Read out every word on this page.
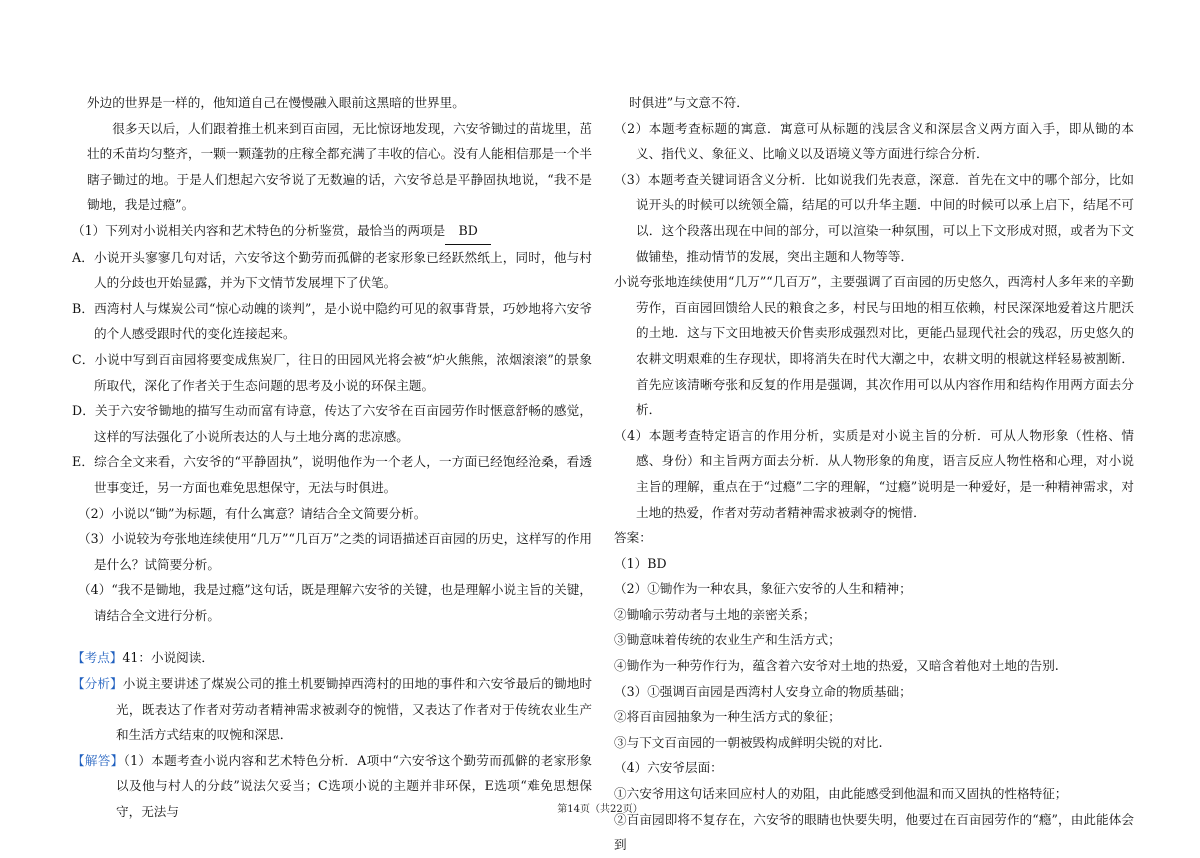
外边的世界是一样的，他知道自己在慢慢融入眼前这黑暗的世界里。

很多天以后，人们跟着推土机来到百亩园，无比惊讶地发现，六安爷锄过的苗垅里，茁壮的禾苗均匀整齐，一颗一颗蓬勃的庄稼全都充满了丰收的信心。没有人能相信那是一个半瞎子锄过的地。于是人们想起六安爷说了无数遍的话，六安爷总是平静固执地说，“我不是锄地，我是过瘾”。

（1）下列对小说相关内容和艺术特色的分析鉴赏，最恰当的两项是 BD

A．小说开头寥寥几句对话，六安爷这个勤劳而孤僻的老家形象已经跃然纸上，同时，他与村人的分歧也开始显露，并为下文情节发展埋下了伏笔。

B．西湾村人与煤炭公司“惊心动魄的谈判”，是小说中隐约可见的叙事背景，巧妙地将六安爷的个人感受跟时代的变化连接起来。

C．小说中写到百亩园将要变成焦炭厂，往日的田园风光将会被“炉火熊熊，浓烟滚滚”的景象所取代，深化了作者关于生态问题的思考及小说的环保主题。

D．关于六安爷锄地的描写生动而富有诗意，传达了六安爷在百亩园劳作时惬意舒畅的感觉，这样的写法强化了小说所表达的人与土地分离的悲凉感。

E．综合全文来看，六安爷的“平静固执”，说明他作为一个老人，一方面已经饱经沧桑，看透世事变迁，另一方面也难免思想保守，无法与时俱进。

（2）小说以“锄”为标题，有什么寓意？请结合全文简要分析。

（3）小说较为夸张地连续使用“几万”“几百万”之类的词语描述百亩园的历史，这样写的作用是什么？试简要分析。

（4）“我不是锄地，我是过瘾”这句话，既是理解六安爷的关键，也是理解小说主旨的关键，请结合全文进行分析。

【考点】41：小说阅读．

【分析】小说主要讲述了煤炭公司的推土机要锄掉西湾村的田地的事件和六安爷最后的锄地时光，既表达了作者对劳动者精神需求被剥夺的惋惜，又表达了作者对于传统农业生产和生活方式结束的叹惋和深思．

【解答】（1）本题考查小说内容和艺术特色分析．A项中“六安爷这个勤劳而孤僻的老家形象以及他与村人的分歧”说法欠妥当；C选项小说的主题并非环保，E选项“难免思想保守，无法与

时俱进”与文意不符．

（2）本题考查标题的寓意．寓意可从标题的浅层含义和深层含义两方面入手，即从锄的本义、指代义、象征义、比喻义以及语境义等方面进行综合分析．

（3）本题考查关键词语含义分析．比如说我们先表意，深意．首先在文中的哪个部分，比如说开头的时候可以统领全篇，结尾的可以升华主题．中间的时候可以承上启下，结尾不可以．这个段落出现在中间的部分，可以渲染一种氛围，可以上下文形成对照，或者为下文做铺垫，推动情节的发展，突出主题和人物等等．

小说夸张地连续使用“几万”“几百万”，主要强调了百亩园的历史悠久，西湾村人多年来的辛勤劳作，百亩园回馈给人民的粮食之多，村民与田地的相互依赖，村民深深地爱着这片肥沃的土地．这与下文田地被天价售卖形成强烈对比，更能凸显现代社会的残忍，历史悠久的农耕文明艰难的生存现状，即将消失在时代大潮之中，农耕文明的根就这样轻易被割断．首先应该清晰夸张和反复的作用是强调，其次作用可以从内容作用和结构作用两方面去分析．

（4）本题考查特定语言的作用分析，实质是对小说主旨的分析．可从人物形象（性格、情感、身份）和主旨两方面去分析．从人物形象的角度，语言反应人物性格和心理，对小说主旨的理解，重点在于“过瘾”二字的理解，“过瘾”说明是一种爱好，是一种精神需求，对土地的热爱，作者对劳动者精神需求被剥夺的惋惜．

答案：

（1）BD

（2）①锄作为一种农具，象征六安爷的人生和精神；

②锄喻示劳动者与土地的亲密关系；

③锄意味着传统的农业生产和生活方式；

④锄作为一种劳作行为，蕴含着六安爷对土地的热爱，又暗含着他对土地的告别.

（3）①强调百亩园是西湾村人安身立命的物质基础；

②将百亩园抽象为一种生活方式的象征；

③与下文百亩园的一朝被毁构成鲜明尖锐的对比.

（4）六安爷层面：

①六安爷用这句话来回应村人的劝阻，由此能感受到他温和而又固执的性格特征；

②百亩园即将不复存在，六安爷的眼睛也快要失明，他要过在百亩园劳作的“瘾”，由此能体会到

第14页（共22页）
